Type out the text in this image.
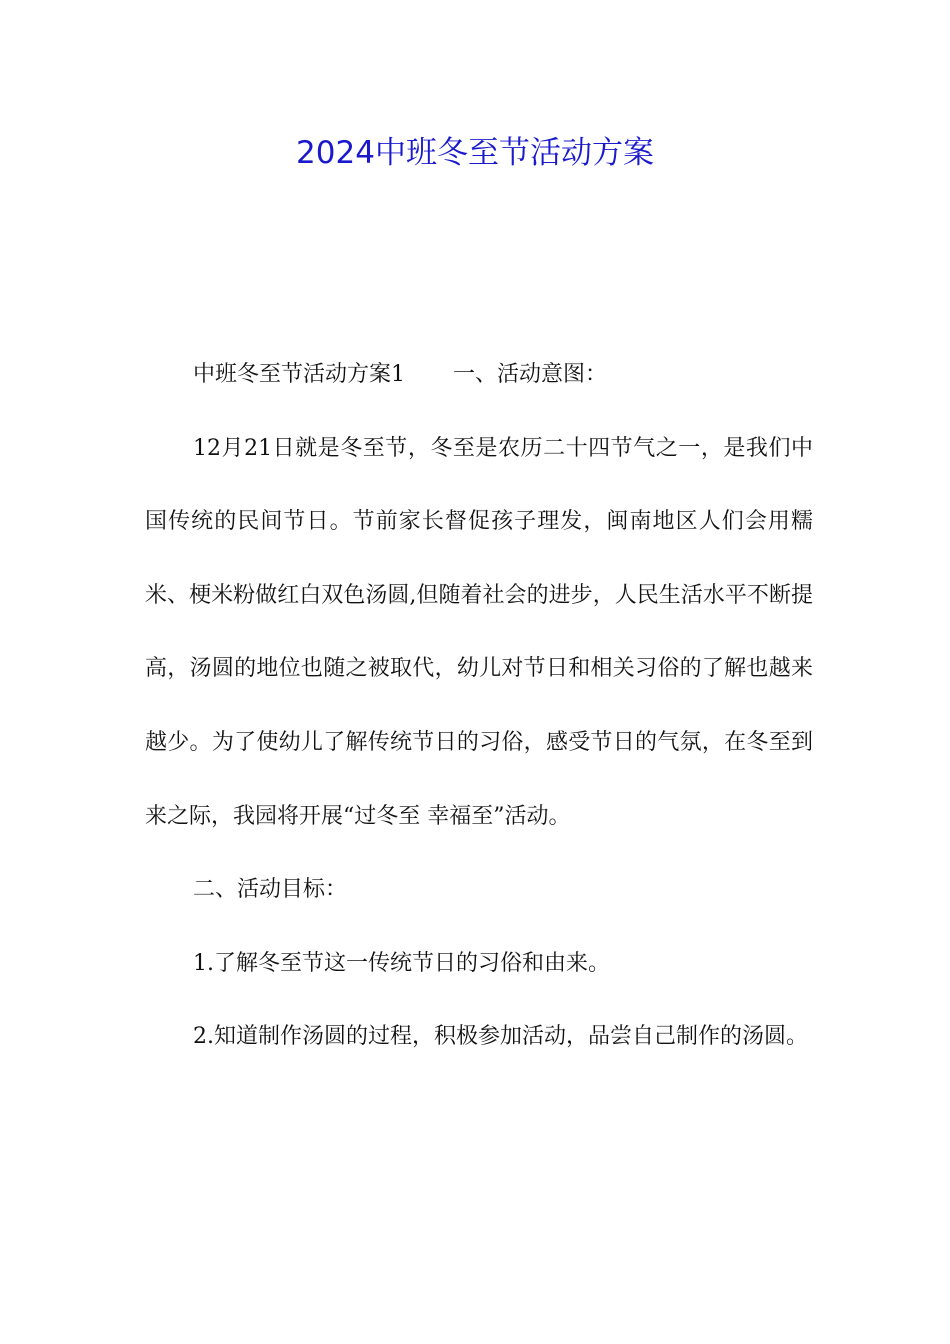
2024中班冬至节活动方案

中班冬至节活动方案1 一、活动意图：

12月21日就是冬至节，冬至是农历二十四节气之一，是我们中国传统的民间节日。节前家长督促孩子理发，闽南地区人们会用糯米、梗米粉做红白双色汤圆,但随着社会的进步，人民生活水平不断提高，汤圆的地位也随之被取代，幼儿对节日和相关习俗的了解也越来越少。为了使幼儿了解传统节日的习俗，感受节日的气氛，在冬至到来之际，我园将开展“过冬至 幸福至”活动。

二、活动目标：

1.了解冬至节这一传统节日的习俗和由来。

2.知道制作汤圆的过程，积极参加活动，品尝自己制作的汤圆。
